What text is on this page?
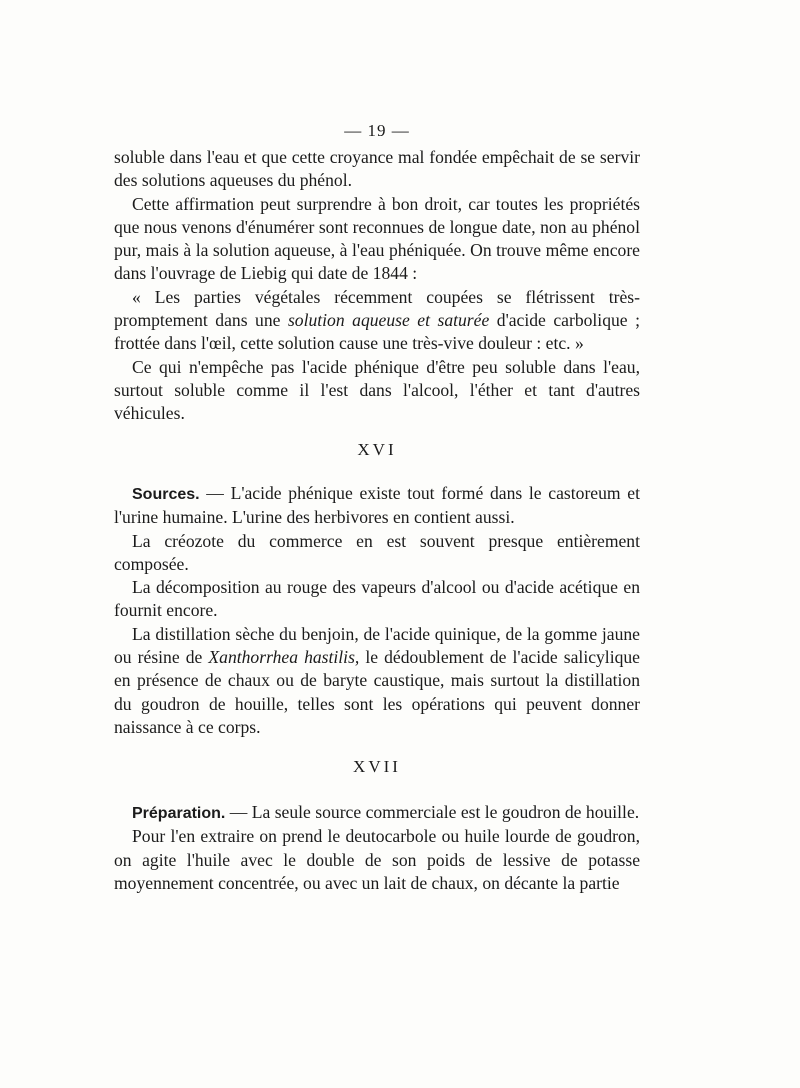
— 19 —

soluble dans l'eau et que cette croyance mal fondée empêchait de se servir des solutions aqueuses du phénol.

Cette affirmation peut surprendre à bon droit, car toutes les propriétés que nous venons d'énumérer sont reconnues de longue date, non au phénol pur, mais à la solution aqueuse, à l'eau phéniquée. On trouve même encore dans l'ouvrage de Liebig qui date de 1844 :

« Les parties végétales récemment coupées se flétrissent très-promptement dans une solution aqueuse et saturée d'acide carbolique ; frottée dans l'œil, cette solution cause une très-vive douleur : etc. »

Ce qui n'empêche pas l'acide phénique d'être peu soluble dans l'eau, surtout soluble comme il l'est dans l'alcool, l'éther et tant d'autres véhicules.

XVI

Sources. — L'acide phénique existe tout formé dans le castoreum et l'urine humaine. L'urine des herbivores en contient aussi.

La créozote du commerce en est souvent presque entièrement composée.

La décomposition au rouge des vapeurs d'alcool ou d'acide acétique en fournit encore.

La distillation sèche du benjoin, de l'acide quinique, de la gomme jaune ou résine de Xanthorrhea hastilis, le dédoublement de l'acide salicylique en présence de chaux ou de baryte caustique, mais surtout la distillation du goudron de houille, telles sont les opérations qui peuvent donner naissance à ce corps.

XVII

Préparation. — La seule source commerciale est le goudron de houille.

Pour l'en extraire on prend le deutocarbole ou huile lourde de goudron, on agite l'huile avec le double de son poids de lessive de potasse moyennement concentrée, ou avec un lait de chaux, on décante la partie
